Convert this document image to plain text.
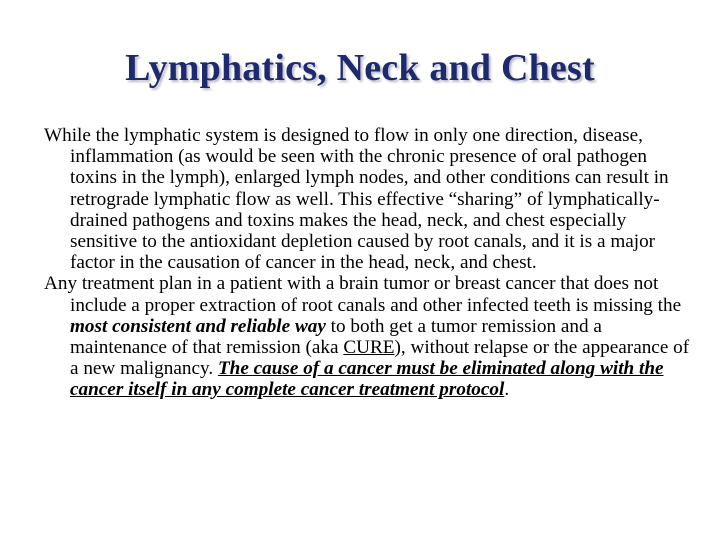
Lymphatics, Neck and Chest

While the lymphatic system is designed to flow in only one direction, disease, inflammation (as would be seen with the chronic presence of oral pathogen toxins in the lymph), enlarged lymph nodes, and other conditions can result in retrograde lymphatic flow as well. This effective “sharing” of lymphatically-drained pathogens and toxins makes the head, neck, and chest especially sensitive to the antioxidant depletion caused by root canals, and it is a major factor in the causation of cancer in the head, neck, and chest.

Any treatment plan in a patient with a brain tumor or breast cancer that does not include a proper extraction of root canals and other infected teeth is missing the most consistent and reliable way to both get a tumor remission and a maintenance of that remission (aka CURE), without relapse or the appearance of a new malignancy. The cause of a cancer must be eliminated along with the cancer itself in any complete cancer treatment protocol.
